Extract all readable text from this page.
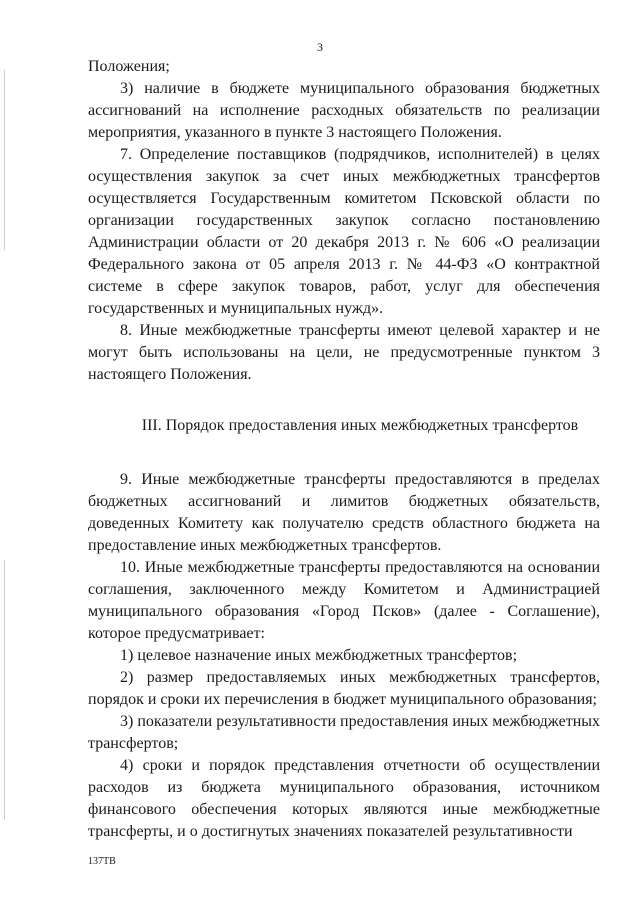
3

Положения;

3) наличие в бюджете муниципального образования бюджетных ассигнований на исполнение расходных обязательств по реализации мероприятия, указанного в пункте 3 настоящего Положения.

7. Определение поставщиков (подрядчиков, исполнителей) в целях осуществления закупок за счет иных межбюджетных трансфертов осуществляется Государственным комитетом Псковской области по организации государственных закупок согласно постановлению Администрации области от 20 декабря 2013 г. № 606 «О реализации Федерального закона от 05 апреля 2013 г. № 44-ФЗ «О контрактной системе в сфере закупок товаров, работ, услуг для обеспечения государственных и муниципальных нужд».

8. Иные межбюджетные трансферты имеют целевой характер и не могут быть использованы на цели, не предусмотренные пунктом 3 настоящего Положения.

III. Порядок предоставления иных межбюджетных трансфертов

9. Иные межбюджетные трансферты предоставляются в пределах бюджетных ассигнований и лимитов бюджетных обязательств, доведенных Комитету как получателю средств областного бюджета на предоставление иных межбюджетных трансфертов.

10. Иные межбюджетные трансферты предоставляются на основании соглашения, заключенного между Комитетом и Администрацией муниципального образования «Город Псков» (далее - Соглашение), которое предусматривает:

1) целевое назначение иных межбюджетных трансфертов;

2) размер предоставляемых иных межбюджетных трансфертов, порядок и сроки их перечисления в бюджет муниципального образования;

3) показатели результативности предоставления иных межбюджетных трансфертов;

4) сроки и порядок представления отчетности об осуществлении расходов из бюджета муниципального образования, источником финансового обеспечения которых являются иные межбюджетные трансферты, и о достигнутых значениях показателей результативности

137ТВ
